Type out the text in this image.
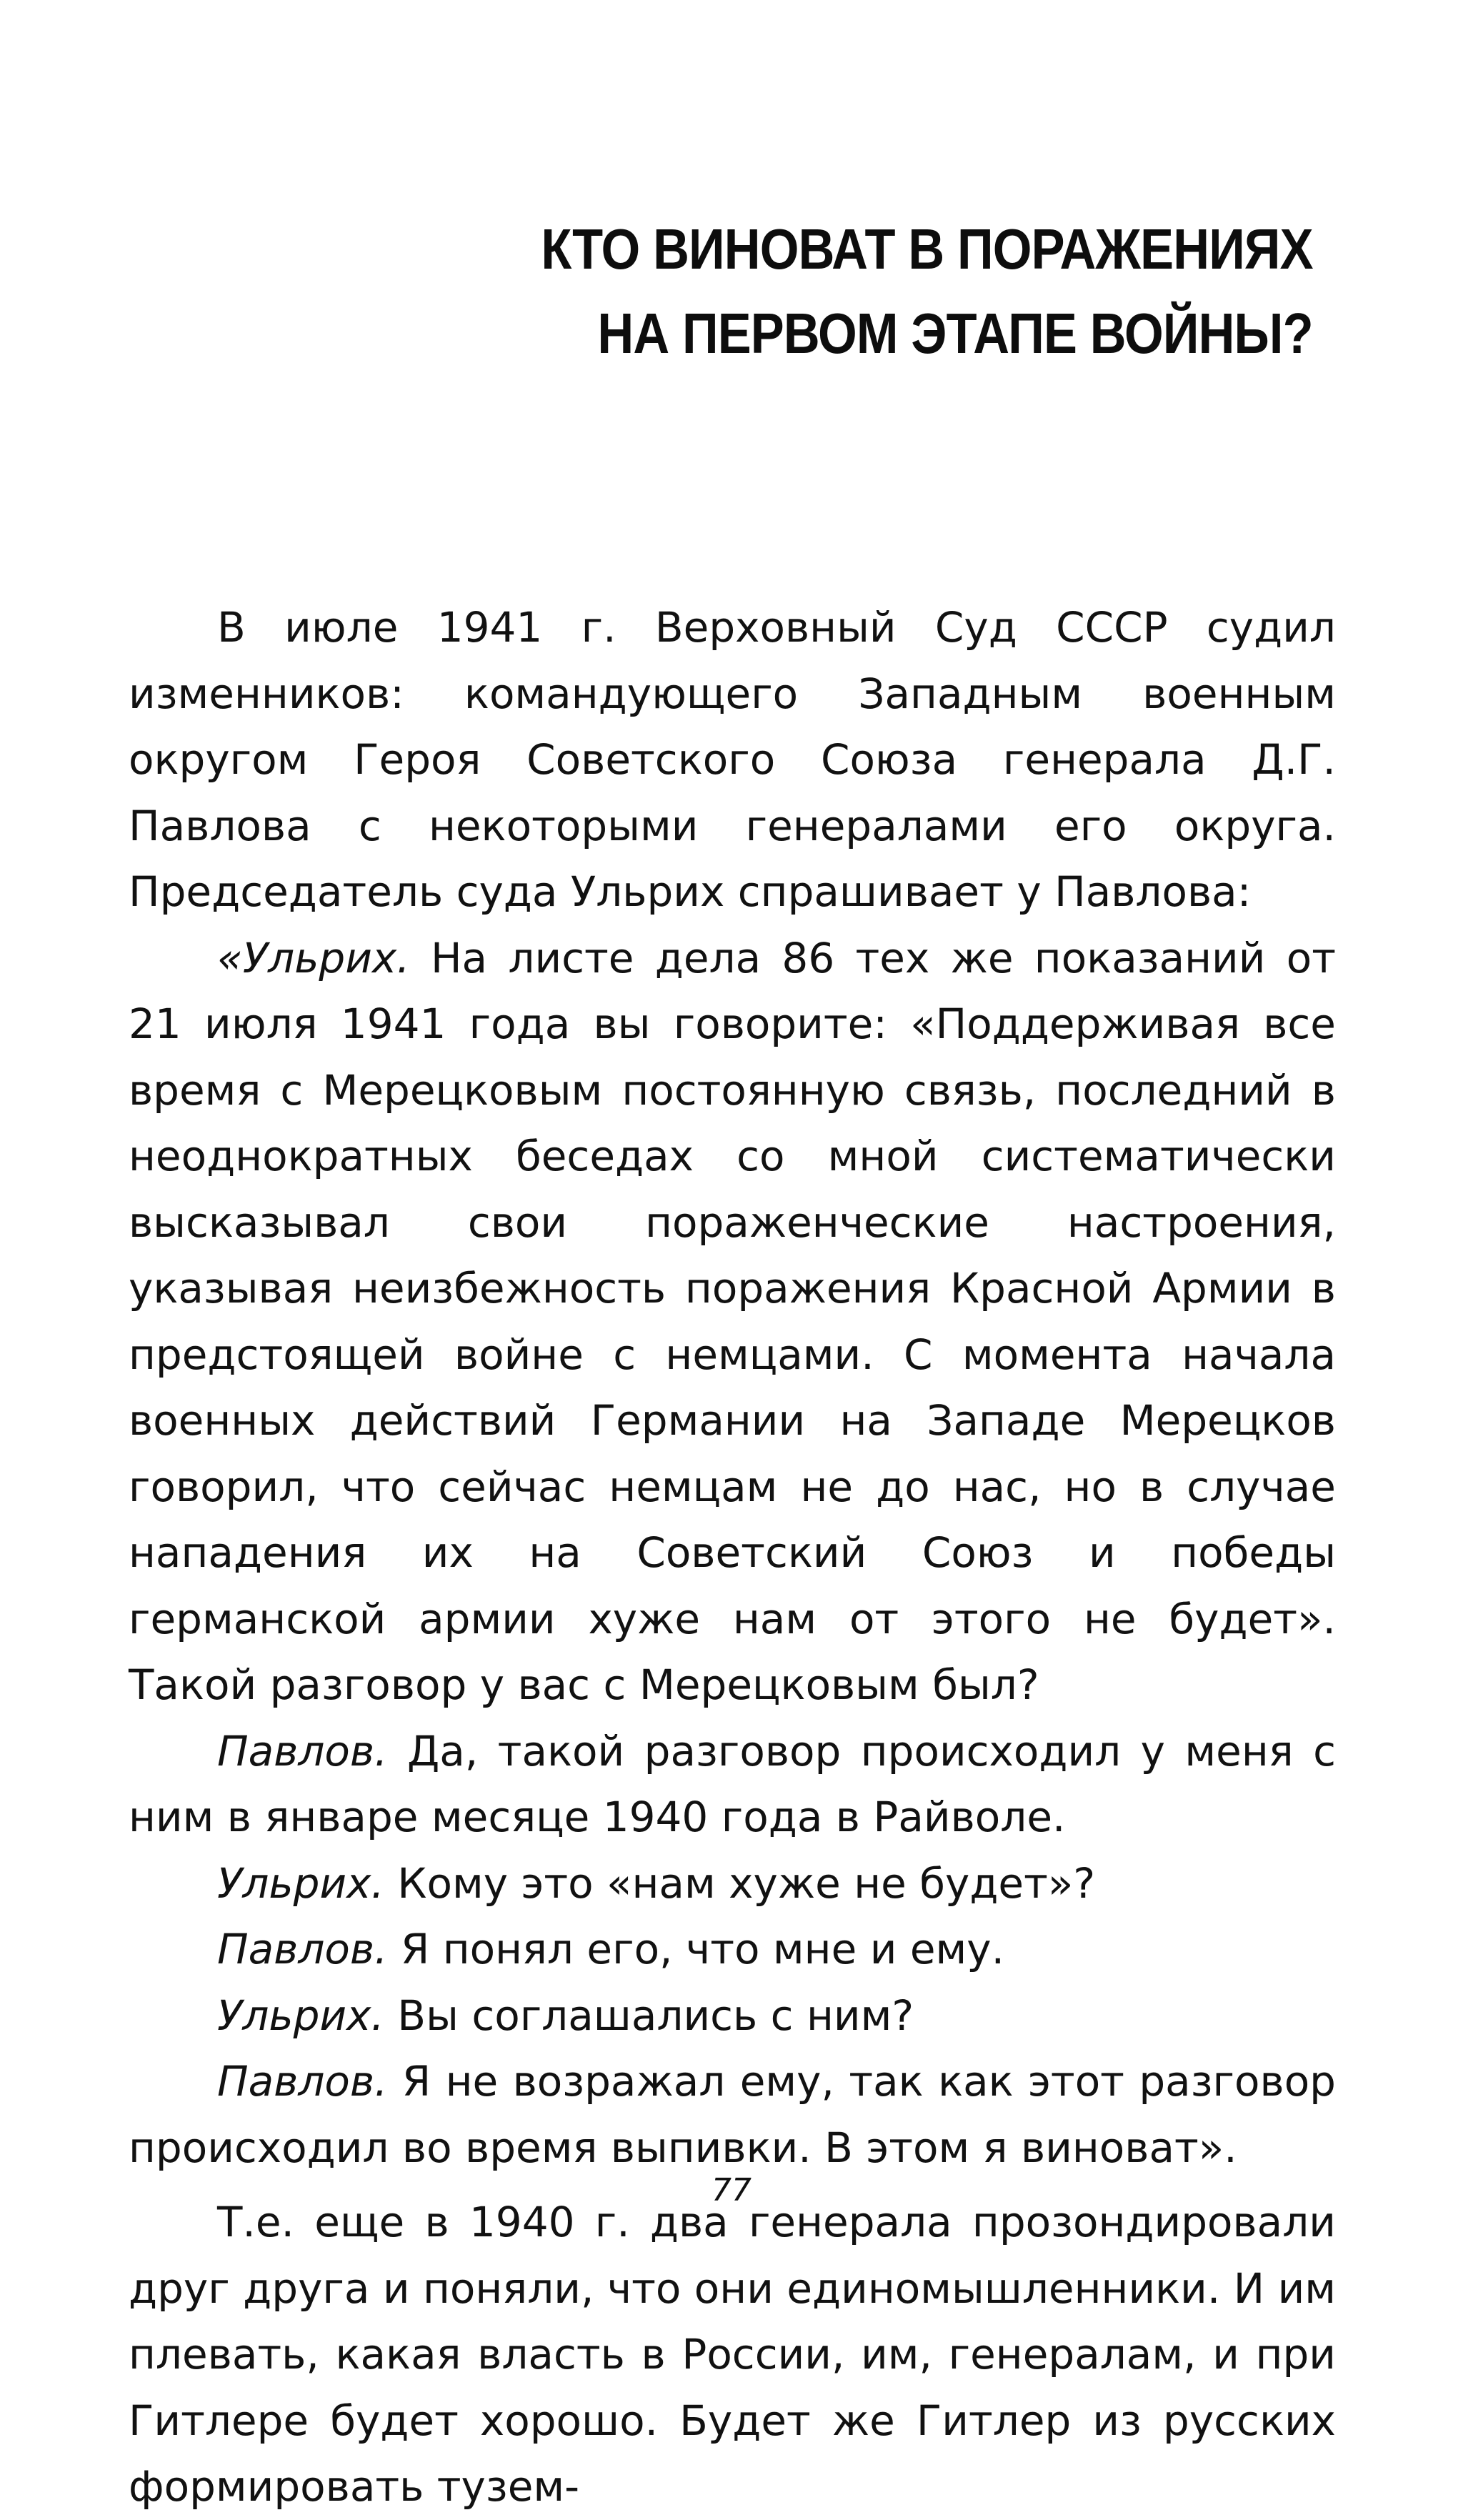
КТО ВИНОВАТ В ПОРАЖЕНИЯХ
НА ПЕРВОМ ЭТАПЕ ВОЙНЫ?
В июле 1941 г. Верховный Суд СССР судил изменников: командующего Западным военным округом Героя Советского Союза генерала Д.Г. Павлова с некоторыми генералами его округа. Председатель суда Ульрих спрашивает у Павлова:
«Ульрих. На листе дела 86 тех же показаний от 21 июля 1941 года вы говорите: «Поддерживая все время с Мерецковым постоянную связь, последний в неоднократных беседах со мной систематически высказывал свои пораженческие настроения, указывая неизбежность поражения Красной Армии в предстоящей войне с немцами. С момента начала военных действий Германии на Западе Мерецков говорил, что сейчас немцам не до нас, но в случае нападения их на Советский Союз и победы германской армии хуже нам от этого не будет». Такой разговор у вас с Мерецковым был?
Павлов. Да, такой разговор происходил у меня с ним в январе месяце 1940 года в Райволе.
Ульрих. Кому это «нам хуже не будет»?
Павлов. Я понял его, что мне и ему.
Ульрих. Вы соглашались с ним?
Павлов. Я не возражал ему, так как этот разговор происходил во время выпивки. В этом я виноват».
Т.е. еще в 1940 г. два генерала прозондировали друг друга и поняли, что они единомышленники. И им плевать, какая власть в России, им, генералам, и при Гитлере будет хорошо. Будет же Гитлер из русских формировать тузем-
77
